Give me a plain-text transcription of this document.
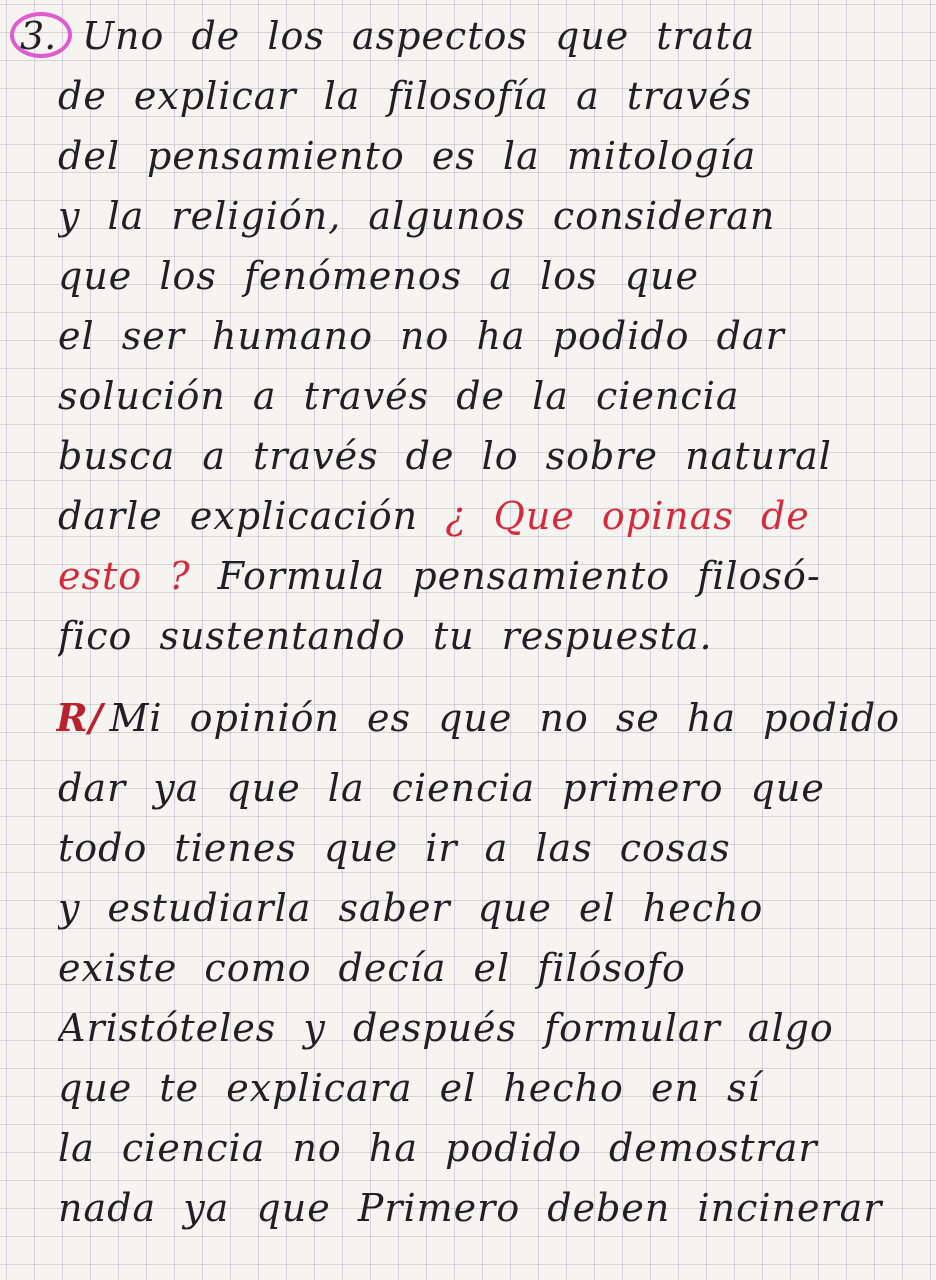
3. Uno de los aspectos que trata
de explicar la filosofía a través
del pensamiento es la mitología
y la religión, algunos consideran
que los fenómenos a los que
el ser humano no ha podido dar
solución a través de la ciencia
busca a través de lo sobre natural
darle explicación ¿ Que opinas de
esto ? Formula pensamiento filosó-
fico sustentando tu respuesta.
R/ Mi opinión es que no se ha podido
dar ya que la ciencia primero que
todo tienes que ir a las cosas
y estudiarla saber que el hecho
existe como decía el filósofo
Aristóteles y después formular algo
que te explicara el hecho en sí
la ciencia no ha podido demostrar
nada ya que Primero deben incinerar
